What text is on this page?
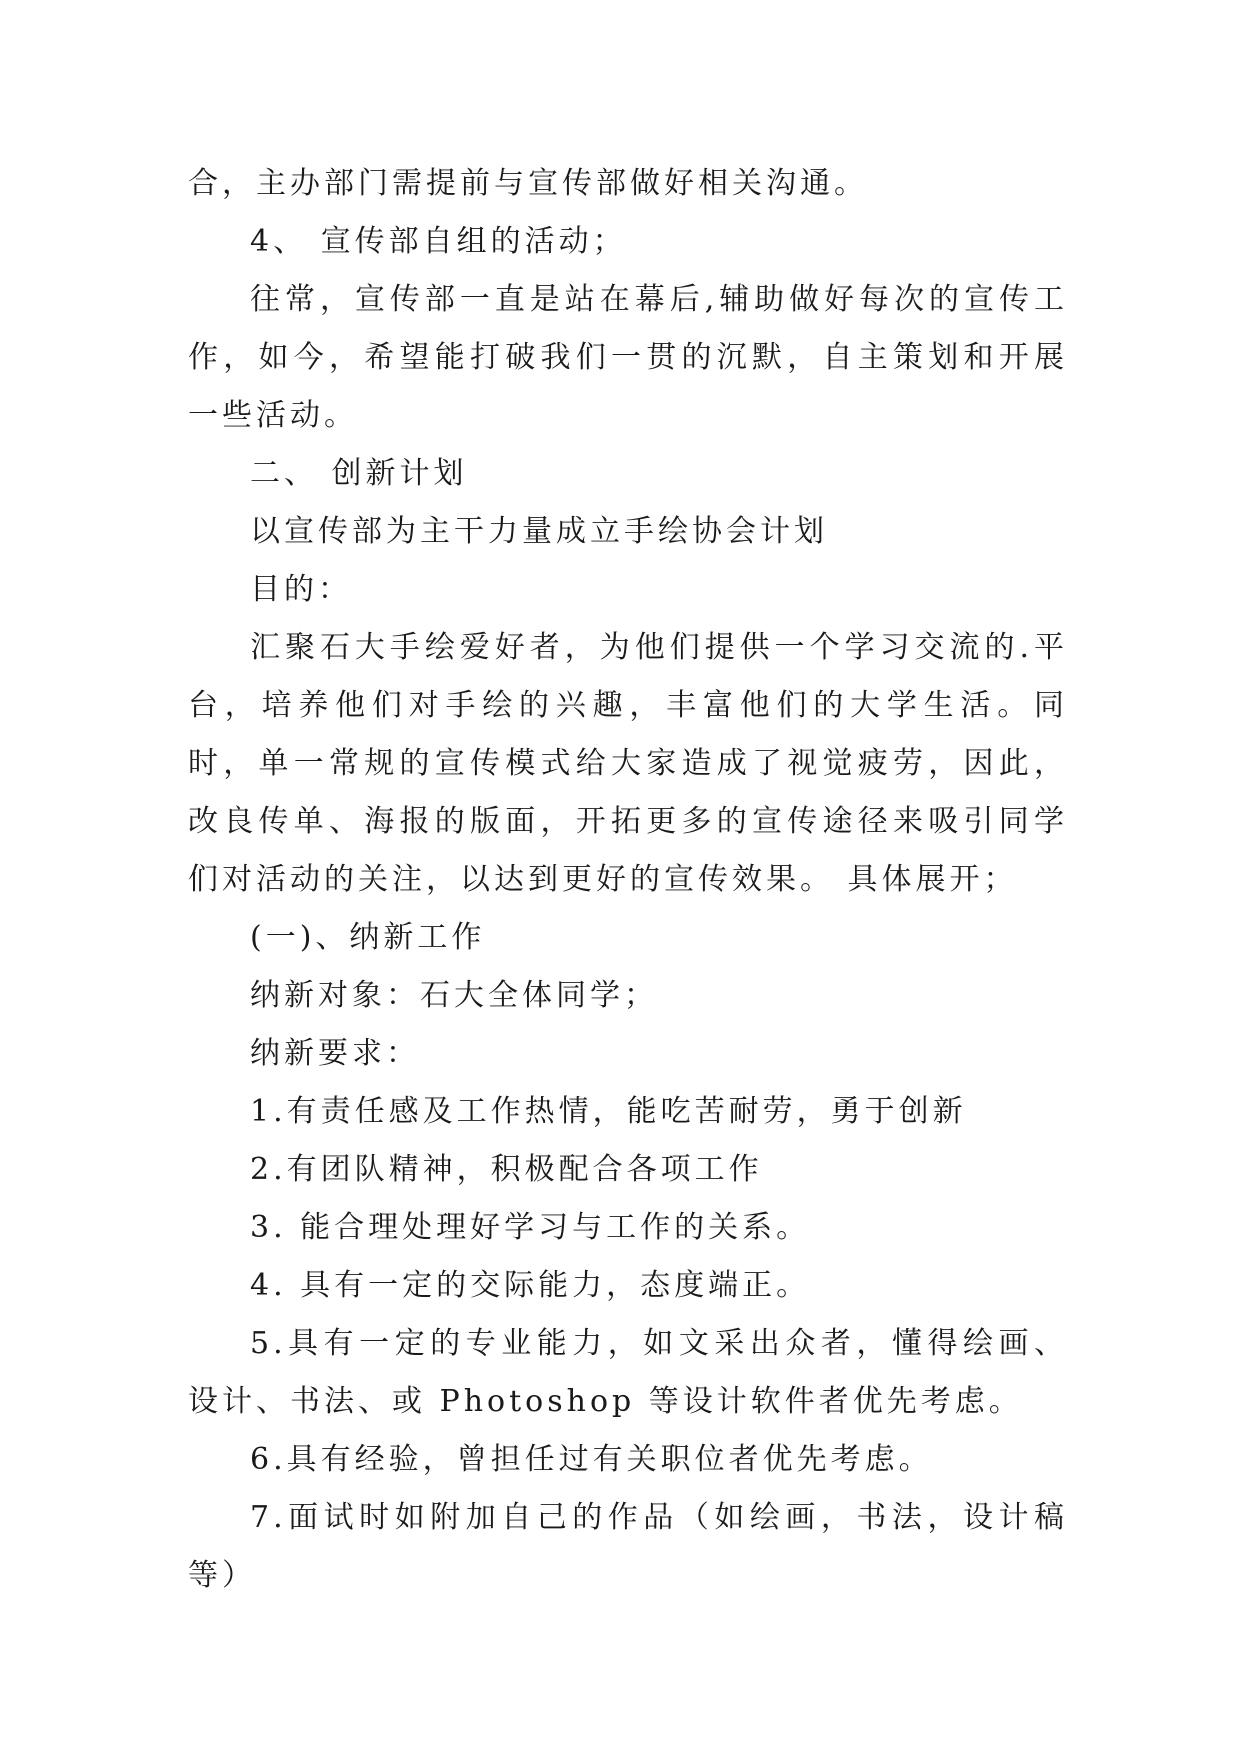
合，主办部门需提前与宣传部做好相关沟通。

4、 宣传部自组的活动；

往常，宣传部一直是站在幕后,辅助做好每次的宣传工作，如今，希望能打破我们一贯的沉默，自主策划和开展一些活动。

二、 创新计划

以宣传部为主干力量成立手绘协会计划

目的：

汇聚石大手绘爱好者，为他们提供一个学习交流的.平台，培养他们对手绘的兴趣，丰富他们的大学生活。同时，单一常规的宣传模式给大家造成了视觉疲劳，因此，改良传单、海报的版面，开拓更多的宣传途径来吸引同学们对活动的关注，以达到更好的宣传效果。 具体展开；

(一)、纳新工作

纳新对象：石大全体同学；

纳新要求：

1.有责任感及工作热情，能吃苦耐劳，勇于创新

2.有团队精神，积极配合各项工作

3. 能合理处理好学习与工作的关系。

4. 具有一定的交际能力，态度端正。

5.具有一定的专业能力，如文采出众者，懂得绘画、设计、书法、或 Photoshop 等设计软件者优先考虑。

6.具有经验，曾担任过有关职位者优先考虑。

7.面试时如附加自己的作品（如绘画，书法，设计稿等）
